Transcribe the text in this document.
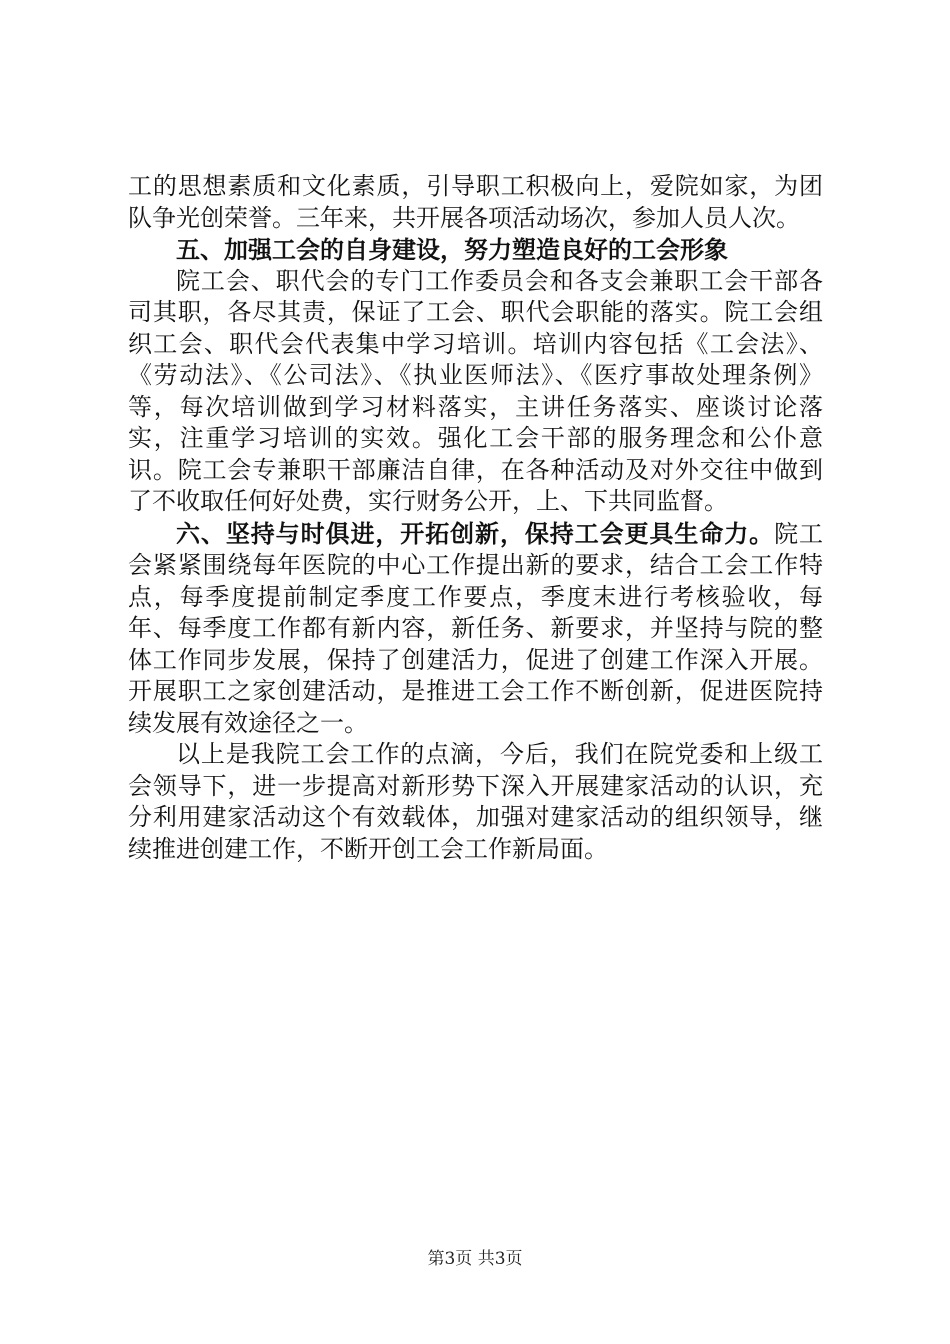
工的思想素质和文化素质，引导职工积极向上，爱院如家，为团队争光创荣誉。三年来，共开展各项活动场次，参加人员人次。

五、加强工会的自身建设，努力塑造良好的工会形象

院工会、职代会的专门工作委员会和各支会兼职工会干部各司其职，各尽其责，保证了工会、职代会职能的落实。院工会组织工会、职代会代表集中学习培训。培训内容包括《工会法》、《劳动法》、《公司法》、《执业医师法》、《医疗事故处理条例》等，每次培训做到学习材料落实，主讲任务落实、座谈讨论落实，注重学习培训的实效。强化工会干部的服务理念和公仆意识。院工会专兼职干部廉洁自律，在各种活动及对外交往中做到了不收取任何好处费，实行财务公开，上、下共同监督。

六、坚持与时俱进，开拓创新，保持工会更具生命力。院工会紧紧围绕每年医院的中心工作提出新的要求，结合工会工作特点，每季度提前制定季度工作要点，季度末进行考核验收，每年、每季度工作都有新内容，新任务、新要求，并坚持与院的整体工作同步发展，保持了创建活力，促进了创建工作深入开展。开展职工之家创建活动，是推进工会工作不断创新，促进医院持续发展有效途径之一。

以上是我院工会工作的点滴，今后，我们在院党委和上级工会领导下，进一步提高对新形势下深入开展建家活动的认识，充分利用建家活动这个有效载体，加强对建家活动的组织领导，继续推进创建工作，不断开创工会工作新局面。

第3页 共3页
